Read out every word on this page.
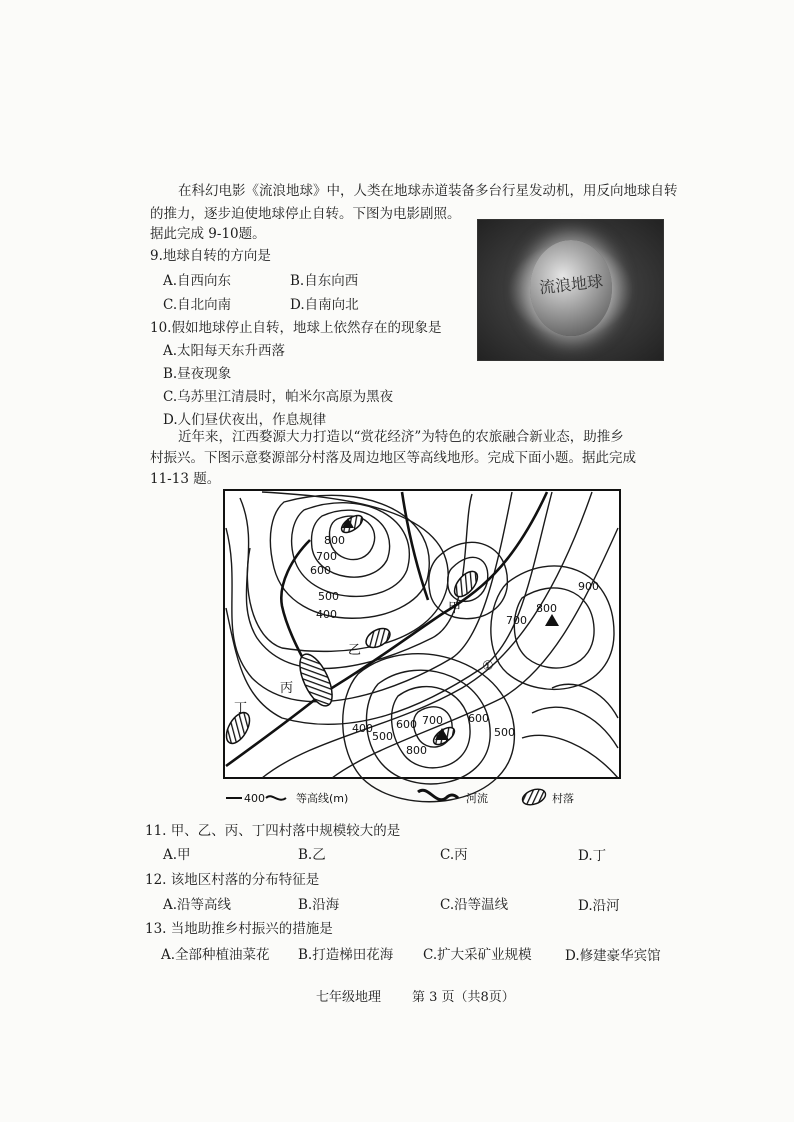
在科幻电影《流浪地球》中，人类在地球赤道装备多台行星发动机，用反向地球自转
的推力，逐步迫使地球停止自转。下图为电影剧照。
据此完成 9-10题。
流浪地球
9.地球自转的方向是
A.自西向东	B.自东向西
C.自北向南	D.自南向北
10.假如地球停止自转，地球上依然存在的现象是
A.太阳每天东升西落
B.昼夜现象
C.乌苏里江清晨时，帕米尔高原为黑夜
D.人们昼伏夜出，作息规律
近年来，江西婺源大力打造以“赏花经济”为特色的农旅融合新业态，助推乡
村振兴。下图示意婺源部分村落及周边地区等高线地形。完成下面小题。据此完成
11-13 题。
800
700
600
500
400
900
800
700
400
500
600 700
800
600
500
甲
乙
丙
丁
①
400	等高线(m)	河流	村落
11. 甲、乙、丙、丁四村落中规模较大的是
A.甲	B.乙	C.丙	D.丁
12. 该地区村落的分布特征是
A.沿等高线	B.沿海	C.沿等温线	D.沿河
13. 当地助推乡村振兴的措施是
A.全部种植油菜花 B.打造梯田花海 C.扩大采矿业规模 D.修建豪华宾馆
七年级地理 第 3 页（共8页）
